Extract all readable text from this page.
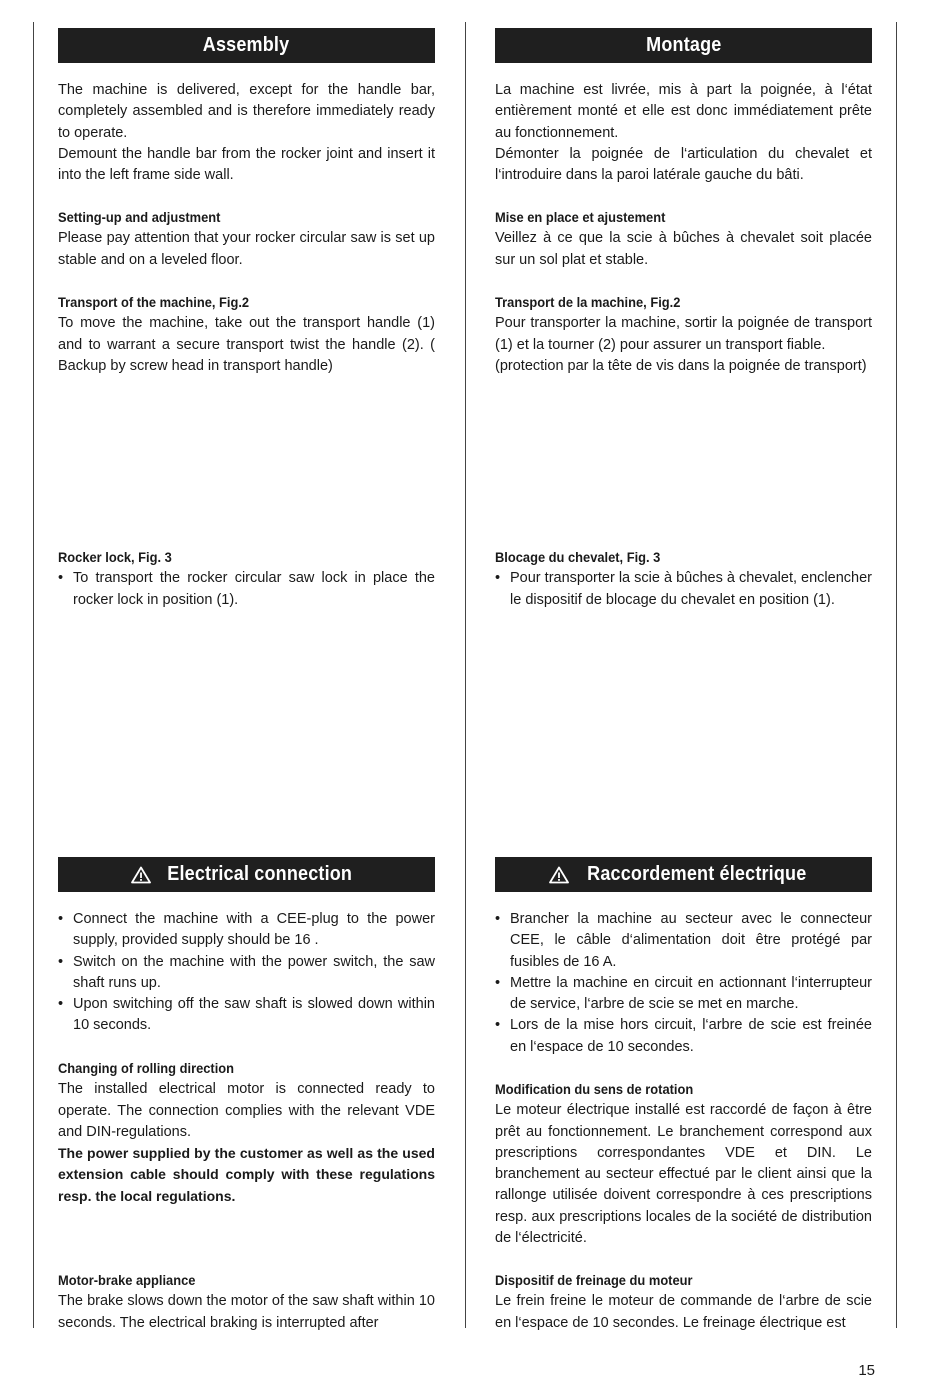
Assembly

The machine is delivered, except for the handle bar, completely assembled and is therefore immediately ready to operate.

Demount the handle bar from the rocker joint and insert it into the left frame side wall.

Setting-up and adjustment

Please pay attention that your rocker circular saw is set up stable and on a leveled floor.

Transport of the machine, Fig.2

To move the machine, take out the transport handle (1) and to warrant a secure transport twist the handle (2). ( Backup by screw head in transport handle)

Rocker lock, Fig. 3
• To transport the rocker circular saw lock in place the rocker lock in position (1).
Electrical connection
• Connect the machine with a CEE-plug to the power supply, provided supply should be 16 .
• Switch on the machine with the power switch, the saw shaft runs up.
• Upon switching off the saw shaft is slowed down within 10 seconds.
Changing of rolling direction

The installed electrical motor is connected ready to operate. The connection complies with the relevant VDE and DIN-regulations.

The power supplied by the customer as well as the used extension cable should comply with these regulations resp. the local regulations.

Motor-brake appliance

The brake slows down the motor of the saw shaft within 10 seconds. The electrical braking is interrupted after

Montage

La machine est livrée, mis à part la poignée, à l‘état entièrement monté et elle est donc immédiatement prête au fonctionnement.

Démonter la poignée de l‘articulation du chevalet et l‘introduire dans la paroi latérale gauche du bâti.

Mise en place et ajustement

Veillez à ce que la scie à bûches à chevalet soit placée sur un sol plat et stable.

Transport de la machine, Fig.2

Pour transporter la machine, sortir la poignée de transport (1) et la tourner (2) pour assurer un transport fiable.

(protection par la tête de vis dans la poignée de transport)

Blocage du chevalet, Fig. 3
• Pour transporter la scie à bûches à chevalet, enclencher le dispositif de blocage du chevalet en position (1).
Raccordement électrique
• Brancher la machine au secteur avec le connecteur CEE, le câble d‘alimentation doit être protégé par fusibles de 16 A.
• Mettre la machine en circuit en actionnant l‘interrupteur de service, l‘arbre de scie se met en marche.
• Lors de la mise hors circuit, l‘arbre de scie est freinée en l‘espace de 10 secondes.
Modification du sens de rotation

Le moteur électrique installé est raccordé de façon à être prêt au fonctionnement. Le branchement correspond aux prescriptions correspondantes VDE et DIN. Le branchement au secteur effectué par le client ainsi que la rallonge utilisée doivent correspondre à ces prescriptions resp. aux prescriptions locales de la société de distribution de l‘électricité.

Dispositif de freinage du moteur

Le frein freine le moteur de commande de l‘arbre de scie en l‘espace de 10 secondes. Le freinage électrique est

15
